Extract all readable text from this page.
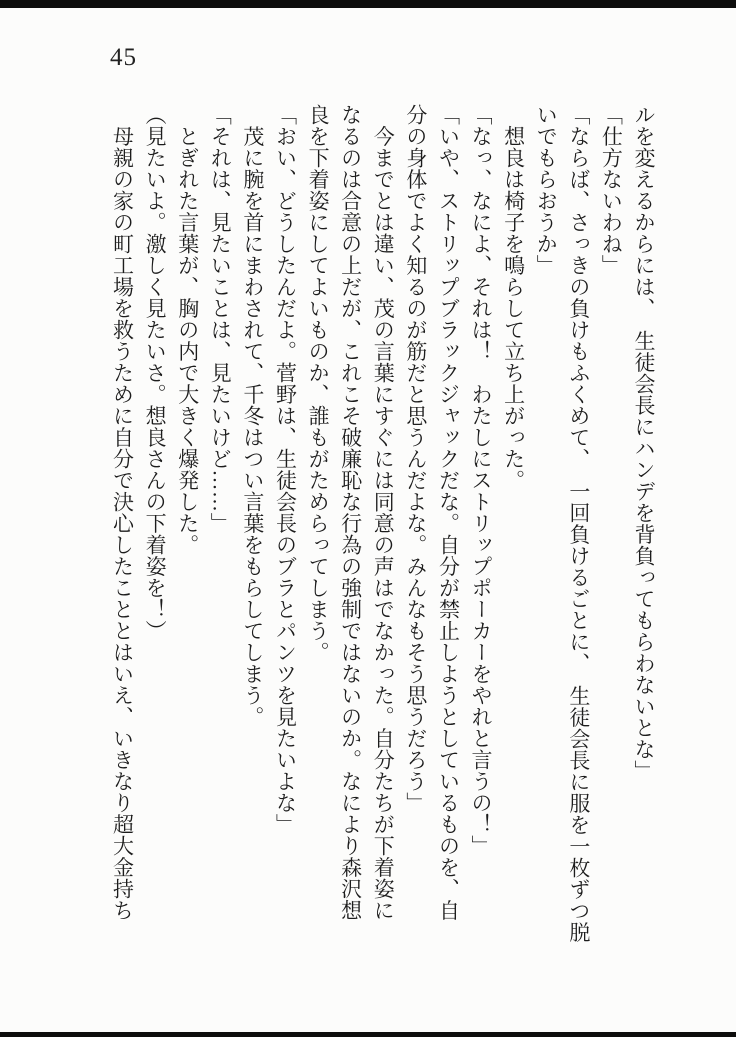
45

ルを変えるからには、　生徒会長にハンデを背負ってもらわないとな」

「仕方ないわね」

「ならば、さっきの負けもふくめて、　一回負けるごとに、　生徒会長に服を一枚ずつ脱

いでもらおうか」

　想良は椅子を鳴らして立ち上がった。

「なっ、なによ、それは！　わたしにストリップポーカーをやれと言うの！」

「いや、ストリップブラックジャックだな。自分が禁止しようとしているものを、自

分の身体でよく知るのが筋だと思うんだよな。みんなもそう思うだろう」

　今までとは違い、茂の言葉にすぐには同意の声はでなかった。自分たちが下着姿に

なるのは合意の上だが、これこそ破廉恥な行為の強制ではないのか。なにより森沢想

良を下着姿にしてよいものか、誰もがためらってしまう。

「おい、どうしたんだよ。菅野は、生徒会長のブラとパンツを見たいよな」

　茂に腕を首にまわされて、千冬はつい言葉をもらしてしまう。

「それは、見たいことは、見たいけど……」

　とぎれた言葉が、胸の内で大きく爆発した。

（見たいよ。激しく見たいさ。想良さんの下着姿を！）

　母親の家の町工場を救うために自分で決心したこととはいえ、いきなり超大金持ち
